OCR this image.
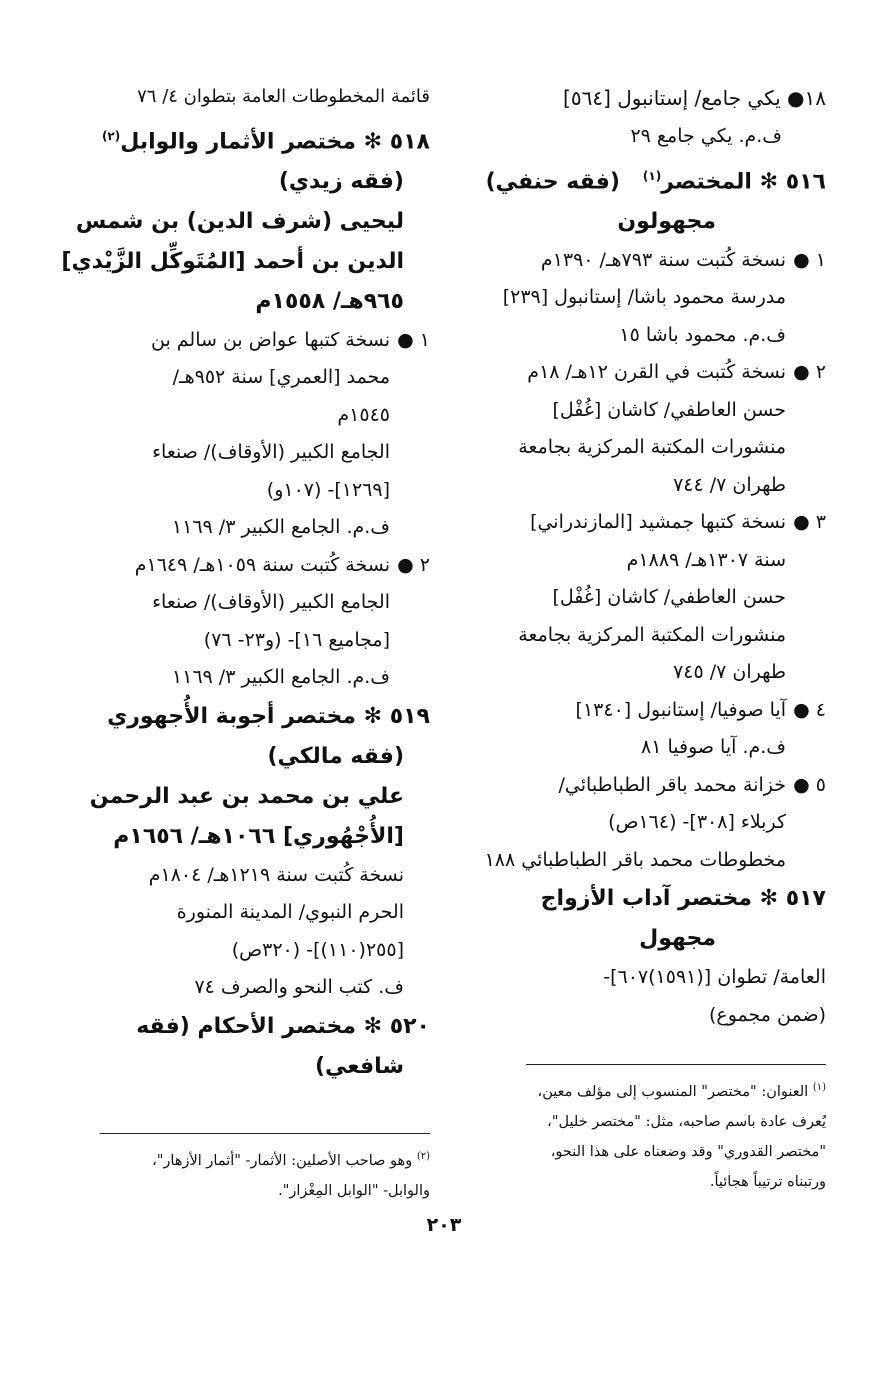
١٨● يكي جامع/ إستانبول [٥٦٤]
ف.م. يكي جامع ٢٩
٥١٦ ✻ المختصر$^{(١)}$   (فقه حنفي)
مجهولون
١ ●نسخة كُتبت سنة ٧٩٣هـ/ ١٣٩٠م
مدرسة محمود باشا/ إستانبول [٢٣٩]
ف.م. محمود باشا ١٥
٢ ●نسخة كُتبت في القرن ١٢هـ/ ١٨م
حسن العاطفي/ كاشان [غُفْل]
منشورات المكتبة المركزية بجامعة
طهران ٧/ ٧٤٤
٣ ●نسخة كتبها جمشيد [المازندراني]
سنة ١٣٠٧هـ/ ١٨٨٩م
حسن العاطفي/ كاشان [غُفْل]
منشورات المكتبة المركزية بجامعة
طهران ٧/ ٧٤٥
٤ ●آيا صوفيا/ إستانبول [١٣٤٠]
ف.م. آيا صوفيا ٨١
٥ ●خزانة محمد باقر الطباطبائي/
كربلاء [٣٠٨]- (١٦٤ص)
مخطوطات محمد باقر الطباطبائي ١٨٨
٥١٧ ✻ مختصر آداب الأزواج
مجهول
العامة/ تطوان [(١٥٩١)٦٠٧]-
(ضمن مجموع)
$^{(١)}$ العنوان: "مختصر" المنسوب إلى مؤلف معين،
يُعرف عادة باسم صاحبه، مثل: "مختصر خليل"،
"مختصر القدوري" وقد وضعناه على هذا النحو،
ورتبناه ترتيباً هجائياً.
قائمة المخطوطات العامة بتطوان ٤/ ٧٦
٥١٨ ✻ مختصر الأثمار والوابل$^{(٢)}$
(فقه زيدي)
ليحيى (شرف الدين) بن شمس
الدين بن أحمد [المُتَوكِّل الزَّيْدي]
٩٦٥هـ/ ١٥٥٨م
١ ●نسخة كتبها عواض بن سالم بن
محمد [العمري] سنة ٩٥٢هـ/
١٥٤٥م
الجامع الكبير (الأوقاف)/ صنعاء
[١٢٦٩]- (١٠٧و)
ف.م. الجامع الكبير ٣/ ١١٦٩
٢ ●نسخة كُتبت سنة ١٠٥٩هـ/ ١٦٤٩م
الجامع الكبير (الأوقاف)/ صنعاء
[مجاميع ١٦]- (و٢٣- ٧٦)
ف.م. الجامع الكبير ٣/ ١١٦٩
٥١٩ ✻ مختصر أجوبة الأُجهوري
(فقه مالكي)
علي بن محمد بن عبد الرحمن
[الأُجْهُوري] ١٠٦٦هـ/ ١٦٥٦م
نسخة كُتبت سنة ١٢١٩هـ/ ١٨٠٤م
الحرم النبوي/ المدينة المنورة
[٢٥٥(١١٠)]- (٣٢٠ص)
ف. كتب النحو والصرف ٧٤
٥٢٠ ✻ مختصر الأحكام (فقه
شافعي)
$^{(٢)}$ وهو صاحب الأصلين: الأثمار- "أثمار الأزهار"،
والوابل- "الوابل المِغْزار".
٢٠٣
